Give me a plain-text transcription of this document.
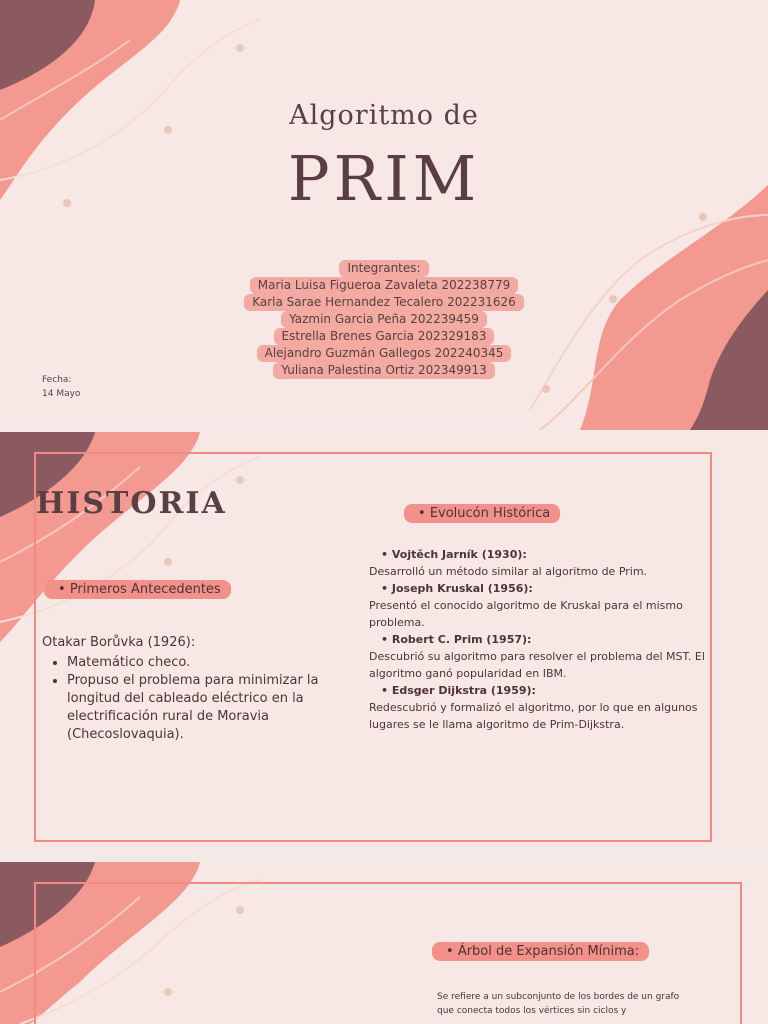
Algoritmo de
PRIM
Integrantes:
Maria Luisa Figueroa Zavaleta 202238779
Karla Sarae Hernandez Tecalero 202231626
Yazmin Garcia Peña 202239459
Estrella Brenes Garcia 202329183
Alejandro Guzmán Gallegos 202240345
Yuliana Palestina Ortiz 202349913
Fecha:
14 Mayo
HISTORIA
• Primeros Antecedentes
Otakar Borůvka (1926):
• Matemático checo.
• Propuso el problema para minimizar la longitud del cableado eléctrico en la electrificación rural de Moravia (Checoslovaquia).
• Evolucón Histórica
• Vojtěch Jarník (1930):
Desarrolló un método similar al algoritmo de Prim.
• Joseph Kruskal (1956):
Presentó el conocido algoritmo de Kruskal para el mismo problema.
• Robert C. Prim (1957):
Descubrió su algoritmo para resolver el problema del MST. El algoritmo ganó popularidad en IBM.
• Edsger Dijkstra (1959):
Redescubrió y formalizó el algoritmo, por lo que en algunos lugares se le llama algoritmo de Prim-Dijkstra.
• Árbol de Expansión Mínima:
Se refiere a un subconjunto de los bordes de un grafo que conecta todos los vértices sin ciclos y
